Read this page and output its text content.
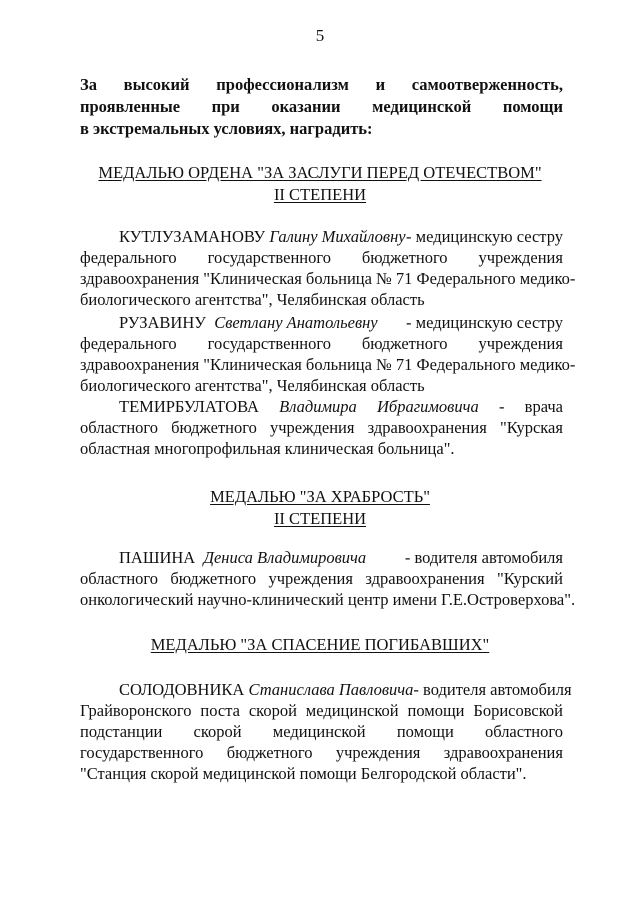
5
За высокий профессионализм и самоотверженность,
проявленные при оказании медицинской помощи
в экстремальных условиях, наградить:
МЕДАЛЬЮ ОРДЕНА "ЗА ЗАСЛУГИ ПЕРЕД ОТЕЧЕСТВОМ"
II СТЕПЕНИ
КУТЛУЗАМАНОВУ Галину Михайловну - медицинскую сестру
федерального государственного бюджетного учреждения
здравоохранения "Клиническая больница № 71 Федерального медико-
биологического агентства", Челябинская область
РУЗАВИНУ Светлану Анатольевну - медицинскую сестру
федерального государственного бюджетного учреждения
здравоохранения "Клиническая больница № 71 Федерального медико-
биологического агентства", Челябинская область
ТЕМИРБУЛАТОВА Владимира Ибрагимовича - врача
областного бюджетного учреждения здравоохранения "Курская
областная многопрофильная клиническая больница".
МЕДАЛЬЮ "ЗА ХРАБРОСТЬ"
II СТЕПЕНИ
ПАШИНА Дениса Владимировича - водителя автомобиля
областного бюджетного учреждения здравоохранения "Курский
онкологический научно-клинический центр имени Г.Е.Островерхова".
МЕДАЛЬЮ "ЗА СПАСЕНИЕ ПОГИБАВШИХ"
СОЛОДОВНИКА Станислава Павловича - водителя автомобиля
Грайворонского поста скорой медицинской помощи Борисовской
подстанции скорой медицинской помощи областного
государственного бюджетного учреждения здравоохранения
"Станция скорой медицинской помощи Белгородской области".
